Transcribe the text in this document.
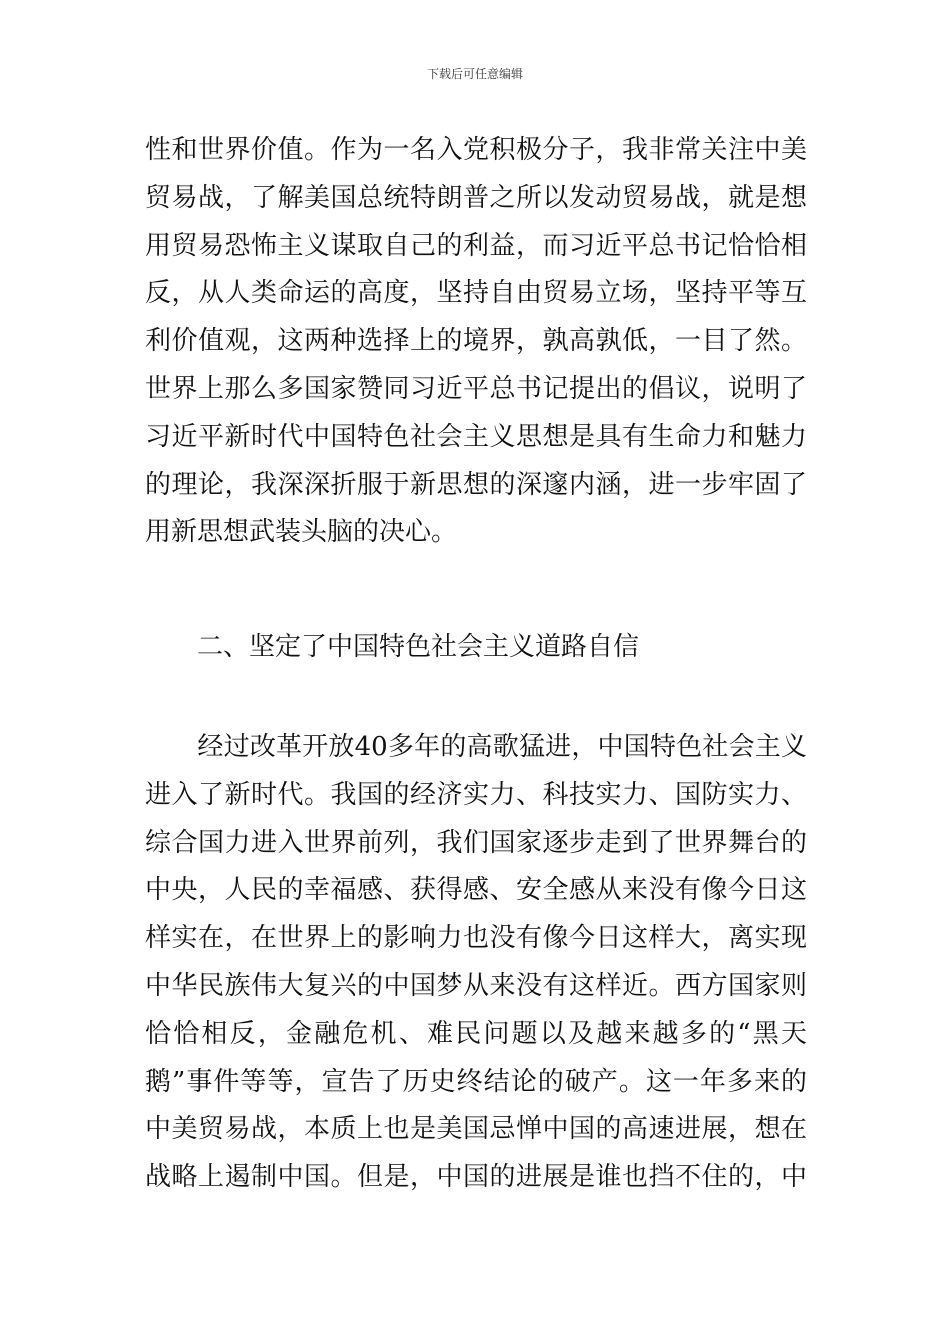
下载后可任意编辑
性和世界价值。作为一名入党积极分子，我非常关注中美
贸易战，了解美国总统特朗普之所以发动贸易战，就是想
用贸易恐怖主义谋取自己的利益，而习近平总书记恰恰相
反，从人类命运的高度，坚持自由贸易立场，坚持平等互
利价值观，这两种选择上的境界，孰高孰低，一目了然。
世界上那么多国家赞同习近平总书记提出的倡议，说明了
习近平新时代中国特色社会主义思想是具有生命力和魅力
的理论，我深深折服于新思想的深邃内涵，进一步牢固了
用新思想武装头脑的决心。
二、坚定了中国特色社会主义道路自信
　　经过改革开放40多年的高歌猛进，中国特色社会主义
进入了新时代。我国的经济实力、科技实力、国防实力、
综合国力进入世界前列，我们国家逐步走到了世界舞台的
中央，人民的幸福感、获得感、安全感从来没有像今日这
样实在，在世界上的影响力也没有像今日这样大，离实现
中华民族伟大复兴的中国梦从来没有这样近。西方国家则
恰恰相反，金融危机、难民问题以及越来越多的“黑天
鹅”事件等等，宣告了历史终结论的破产。这一年多来的
中美贸易战，本质上也是美国忌惮中国的高速进展，想在
战略上遏制中国。但是，中国的进展是谁也挡不住的，中
